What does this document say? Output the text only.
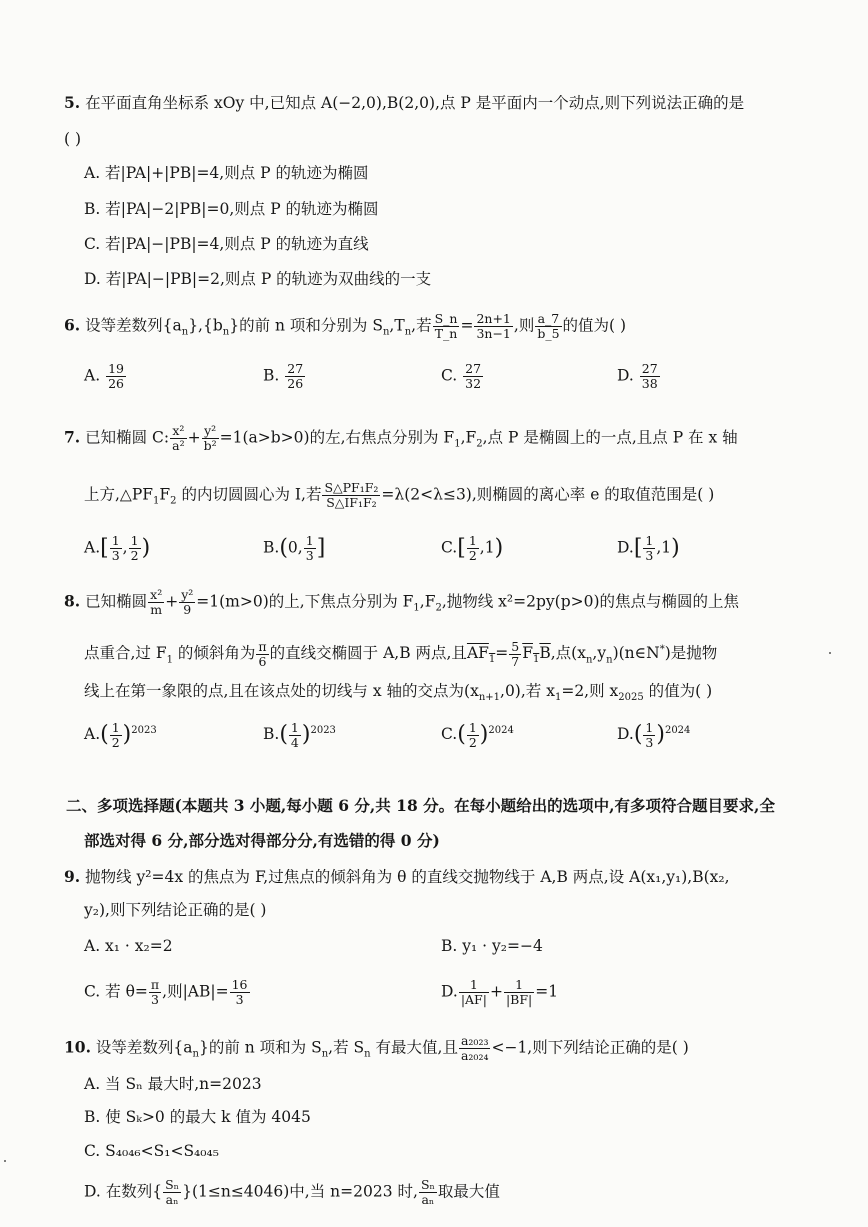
5. 在平面直角坐标系 xOy 中,已知点 A(−2,0),B(2,0),点 P 是平面内一个动点,则下列说法正确的是
( )
A. 若|PA|+|PB|=4,则点 P 的轨迹为椭圆
B. 若|PA|−2|PB|=0,则点 P 的轨迹为椭圆
C. 若|PA|−|PB|=4,则点 P 的轨迹为直线
D. 若|PA|−|PB|=2,则点 P 的轨迹为双曲线的一支
6. 设等差数列$\{a_n\},\{b_n\}$的前 n 项和分别为 $S_n,T_n$,若 $\frac{S\_n}{T\_n} = \frac{2n+1}{3n-1}$ ,则 $\frac{a\_7}{b\_5}$ 的值为( )
A. $\frac{19}{26}$	B. $\frac{27}{26}$	C. $\frac{27}{32}$	D. $\frac{27}{38}$
7. 已知椭圆 C: $\frac{\text{x²}}{\text{a²}} + \frac{\text{y²}}{\text{b²}} =1(a>b>0)$的左,右焦点分别为 $F_1,F_2$,点 P 是椭圆上的一点,且点 P 在 x 轴
上方$,\triangle PF_1F_2$ 的内切圆圆心为 I,若 $\frac{\text{S△PF₁F₂}}{\text{S△IF₁F₂}} =\lambda(2<\lambda\le 3)$,则椭圆的离心率 e 的取值范围是( )
$A.[ \frac{1}{3}$ , $\frac{1}{2}$ )	B.(0, $\frac{1}{3}$ ]	$C.[ \frac{1}{2} ,1)$	$D.[ \frac{1}{3} ,1)$
8. 已知椭圆 $\frac{\text{x²}}{m} + \frac{\text{y²}}{9} =1(m>0)$的上,下焦点分别为 $F_1,F_2$,抛物线 x²=2py(p>0)的焦点与椭圆的上焦
点重合,过 $F_1$ 的倾斜角为 $\frac{\pi}{6}$ 的直线交椭圆于 A,B 两点,且$AF_1= \frac{5}{7} F_1B$,点$(x_n,y_n)(n\in N^*)$是抛物
线上在第一象限的点,且在该点处的切线与 x 轴的交点为$(x_{n+1},0)$,若 $x_1=2$,则 $x_{2025}$ 的值为( )
$A.( \frac{1}{2} )^{2023}$	$B.( \frac{1}{4} )^{2023}$	$C.( \frac{1}{2} )^{2024}$	$D.( \frac{1}{3} )^{2024}$
二、多项选择题(本题共 3 小题,每小题 6 分,共 18 分。在每小题给出的选项中,有多项符合题目要求,全
部选对得 6 分,部分选对得部分分,有选错的得 0 分)
9. 抛物线 y²=4x 的焦点为 F,过焦点的倾斜角为 θ 的直线交抛物线于 A,B 两点,设 A(x₁,y₁),B(x₂,
y₂),则下列结论正确的是( )
A. x₁ · x₂=2	B. y₁ · y₂=−4
C. 若 $\theta= \frac{\pi}{3}$ ,则$|AB|= \frac{16}{3}$	D. $\frac{1}{|AF|} + \frac{1}{|BF|} =1$
10. 设等差数列$\{a_n\}$的前 n 项和为 $S_n$,若 $S_n$ 有最大值,且 $\frac{\text{a₂₀₂₃}}{\text{a₂₀₂₄}} <-1$,则下列结论正确的是( )
A. 当 Sₙ 最大时,n=2023
B. 使 Sₖ>0 的最大 k 值为 4045
C. S₄₀₄₆<S₁<S₄₀₄₅
D. 在数列{ $\frac{\text{Sₙ}}{\text{aₙ}} \}(1\le n\le 4046)$中,当 n=2023 时, $\frac{\text{Sₙ}}{\text{aₙ}}$ 取最大值
